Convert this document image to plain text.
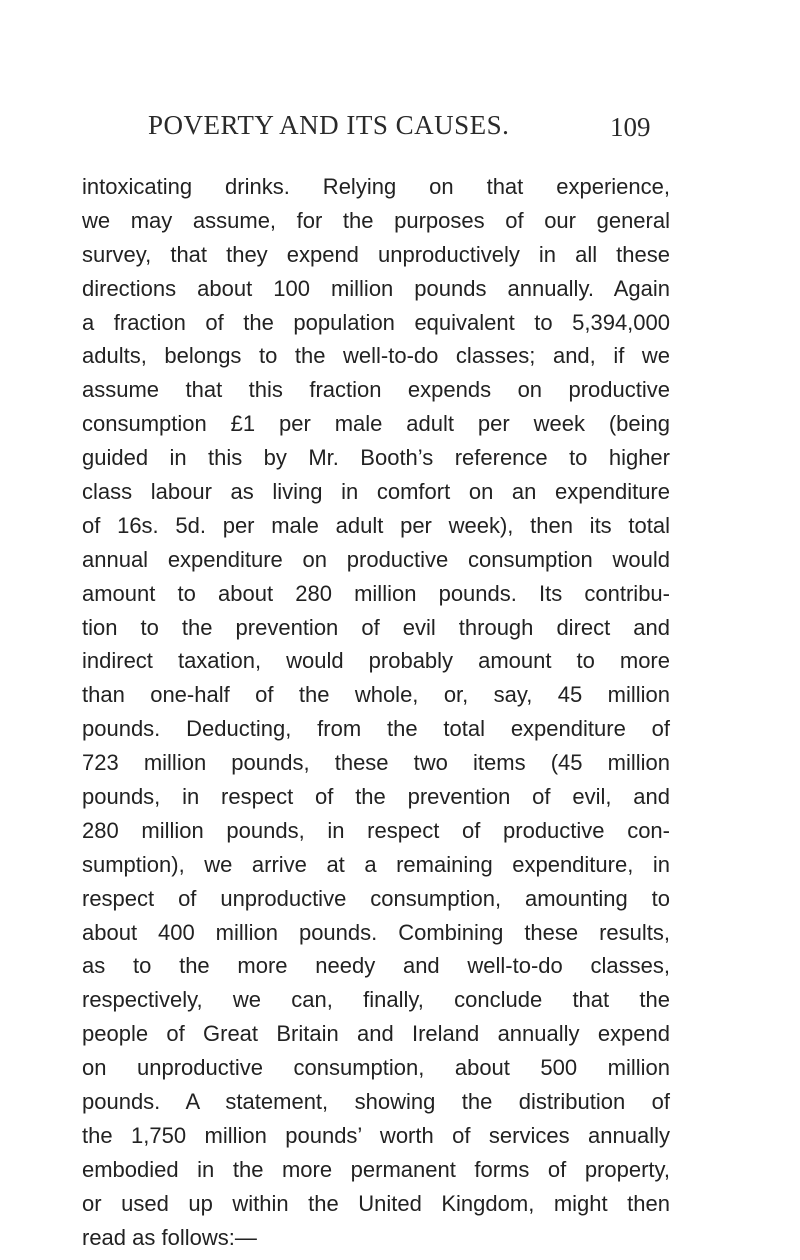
POVERTY AND ITS CAUSES.	109
intoxicating drinks. Relying on that experience,
we may assume, for the purposes of our general
survey, that they expend unproductively in all these
directions about 100 million pounds annually. Again
a fraction of the population equivalent to 5,394,000
adults, belongs to the well-to-do classes; and, if we
assume that this fraction expends on productive
consumption £1 per male adult per week (being
guided in this by Mr. Booth’s reference to higher
class labour as living in comfort on an expenditure
of 16s. 5d. per male adult per week), then its total
annual expenditure on productive consumption would
amount to about 280 million pounds. Its contribu-
tion to the prevention of evil through direct and
indirect taxation, would probably amount to more
than one-half of the whole, or, say, 45 million
pounds. Deducting, from the total expenditure of
723 million pounds, these two items (45 million
pounds, in respect of the prevention of evil, and
280 million pounds, in respect of productive con-
sumption), we arrive at a remaining expenditure, in
respect of unproductive consumption, amounting to
about 400 million pounds. Combining these results,
as to the more needy and well-to-do classes,
respectively, we can, finally, conclude that the
people of Great Britain and Ireland annually expend
on unproductive consumption, about 500 million
pounds. A statement, showing the distribution of
the 1,750 million pounds’ worth of services annually
embodied in the more permanent forms of property,
or used up within the United Kingdom, might then
read as follows:—
